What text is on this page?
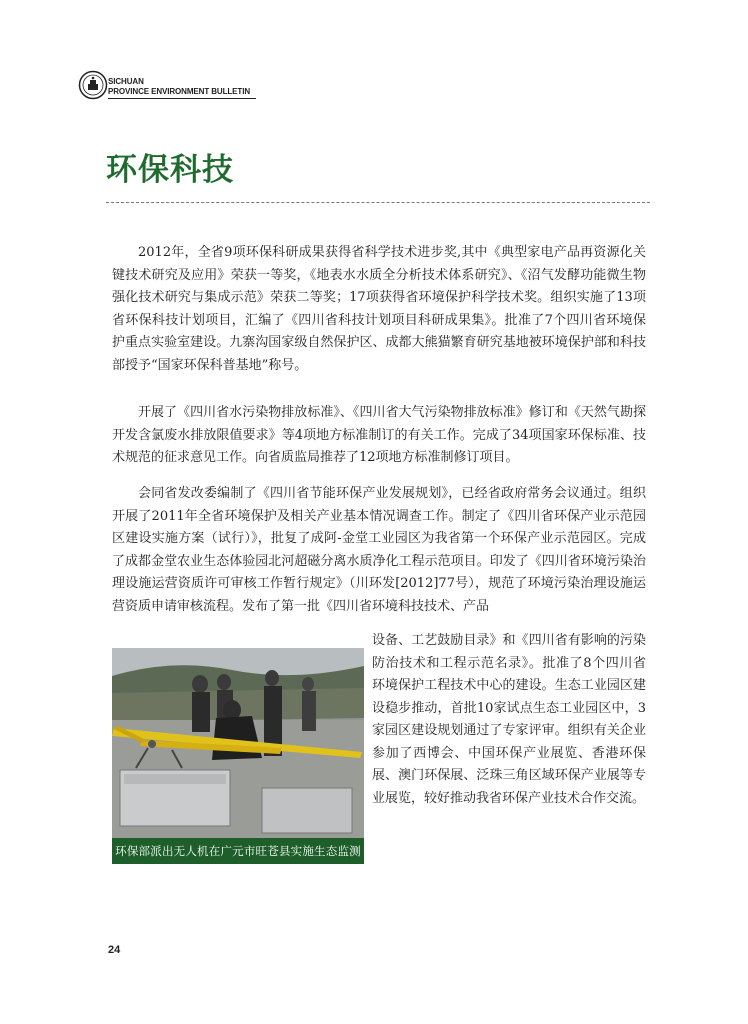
SICHUAN
PROVINCE ENVIRONMENT BULLETIN
环保科技

2012年，全省9项环保科研成果获得省科学技术进步奖,其中《典型家电产品再资源化关键技术研究及应用》荣获一等奖，《地表水水质全分析技术体系研究》、《沼气发酵功能微生物强化技术研究与集成示范》荣获二等奖；17项获得省环境保护科学技术奖。组织实施了13项省环保科技计划项目，汇编了《四川省科技计划项目科研成果集》。批准了7个四川省环境保护重点实验室建设。九寨沟国家级自然保护区、成都大熊猫繁育研究基地被环境保护部和科技部授予“国家环保科普基地”称号。

开展了《四川省水污染物排放标准》、《四川省大气污染物排放标准》修订和《天然气勘探开发含氯废水排放限值要求》等4项地方标准制订的有关工作。完成了34项国家环保标准、技术规范的征求意见工作。向省质监局推荐了12项地方标准制修订项目。

会同省发改委编制了《四川省节能环保产业发展规划》，已经省政府常务会议通过。组织开展了2011年全省环境保护及相关产业基本情况调查工作。制定了《四川省环保产业示范园区建设实施方案（试行）》，批复了成阿-金堂工业园区为我省第一个环保产业示范园区。完成了成都金堂农业生态体验园北河超磁分离水质净化工程示范项目。印发了《四川省环境污染治理设施运营资质许可审核工作暂行规定》（川环发[2012]77号），规范了环境污染治理设施运营资质申请审核流程。发布了第一批《四川省环境科技技术、产品

设备、工艺鼓励目录》和《四川省有影响的污染防治技术和工程示范名录》。批准了8个四川省环境保护工程技术中心的建设。生态工业园区建设稳步推动，首批10家试点生态工业园区中，3家园区建设规划通过了专家评审。组织有关企业参加了西博会、中国环保产业展览、香港环保展、澳门环保展、泛珠三角区域环保产业展等专业展览，较好推动我省环保产业技术合作交流。

环保部派出无人机在广元市旺苍县实施生态监测
24
